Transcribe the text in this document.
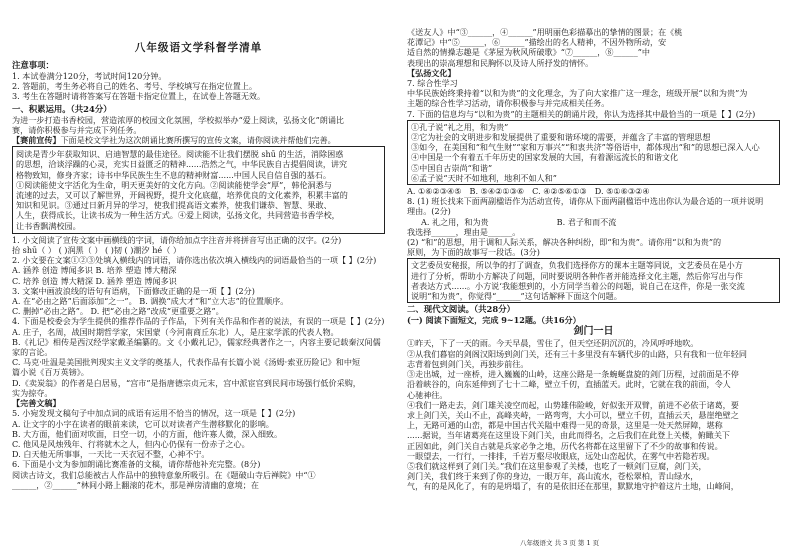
八年级语文学科督学清单

注意事项：

1. 本试卷满分120分，考试时间120分钟。

2. 答题前，考生务必将自己的姓名、考号、学校填写在指定位置上。

3. 考生在答题时请将答案写在答题卡指定位置上，在试卷上答题无效。

一、积累运用。（共24分）

为进一步打造书香校园，营造浓厚的校园文化氛围，学校拟举办“爱上阅读，弘扬文化”朗诵比

赛，请你积极参与并完成下列任务。

【赛前宣传】下面是校文学社为这次朗诵比赛所撰写的宣传文案，请你阅读并帮他们完善。

阅读是青少年获取知识、启迪智慧的最佳途径。阅读能不让我们摆脱 shū 的生活，消除困惑

的思想，洽谈浮躁的心灵，充实日益匮乏的精神......浩然之气，中华民族自古提倡阅读，讲究

格物致知，修身齐家；诗书中华民族生生不息的精神财富......中国人民自信自强的基石。

①阅读能使文字活化为生命，明天更美好的文化方向。②阅读能使学会“厚”，韩伦洞悉与

流速的过去，又可以了解世界，开阔视野，提升文化底蕴，培养优良的文化素养，积累丰富的

知识和见识。③通过日新月异的学习，使我们提高语文素养，使我们谦恭、智慧、果敢、

人生，获得成长，让读书成为一种生活方式。④爱上阅读，弘扬文化，共同营造书香学校，

让书香飘满校园。

1. 小文阅读了宣传文案中画横线的字词，请你给加点字注音并将拼音写出正确的汉字。(2分)

抬 shū（ ） ( )润黑（ ） ( )韧 ( )潮汐 hé（ ）

2. 小文要在文案①②③处填入横线内的词语，请你选出依次填入横线内的词语最恰当的一项【 】(2分)

A. 涵养 创造 博闻多识 B. 培养 塑造 博大精深

C. 培养 创造 博大精深 D. 涵养 塑造 博闻多识

3. 文案中画波浪线的语句有语病，下面修改正确的是一项【 】(2分)

A. 在“必由之路”后面添加“之一”。 B. 调换“成大才”和“立大志”的位置顺序。

C. 删掉“必由之路”。 D. 把“必由之路”改成“更重要之路”。

4. 下面是校委会为学生提供的推荐作品的子作品，下列有关作品和作者的说法，有误的一项是【 】(2分)

A. 庄子，名周，战国时期哲学家，宋国蒙（今河南商丘东北）人，是庄家学派的代表人物。

B.《礼记》相传是西汉经学家戴圣编纂的。文《小戴礼记》，儒家经典著作之一，内容主要记载秦汉间儒

家的言论。

C. 马克·吐温是美国批判现实主义文学的奠基人，代表作品有长篇小说《汤姆·索亚历险记》和中短

篇小说《百万英镑》。

D.《卖炭翁》的作者是白居易，“宫市”是指唐德宗贞元末，宫中派宦官到民间市场强行低价采购，

实为掠夺。

【完善文稿】

5. 小宛发现文稿句子中加点词的成语有运用不恰当的情况，这一项是【 】(2分)

A. 让文字的小字在读者的眼前来读，它可以对读者产生潜移默化的影响。

B. 大方面，他们面对吹面，日空一切，小的方面，他许寡人微，深入细致。

C. 他风是风烛残年、行将就木之人，但内心仍保有一份赤子之心。

D. 白天他无所事事，一天比一天衣冠不整，心神不宁。

6. 下面是小文为参加朗诵比赛准备的文稿，请你帮他补充完整。(8分)

阅读古诗文，我们总能被古人作品中的独特意象所吸引。在《题破山寺后禅院》中“①

______，②______”林间小路上翻滚的花木，那是禅房清幽的意境；在

《送友人》中“③______，④______”用明丽色彩描摹出的挚情的图景；在《桃

花潭记》中“⑤______，⑥______”描绘出的名人精神，不因外物所动，安

适自然的情操志趣是《茅屋为秋风所破歌》“⑦______，⑧______”中

表现出的崇高理想和民胸怀以及诗人所抒发的情怀。

【弘扬文化】

7. 综合性学习

中华民族始终秉持着“以和为贵”的文化理念，为了向大家推广这一理念，班级开展“以和为贵”为

主题的综合性学习活动，请你积极参与并完成相关任务。

7. 下面的信息均与“以和为贵”的主题相关的朗诵片段，你认为选择其中最恰当的一项是【 】(2分)

①孔子说“礼之用，和为贵”

②它为社会的文明进步和发展提供了重要和谐环境的需要，并蕴含了丰富的管理思想

③如今，在美国和“和气生财”“家和万事兴”“和衷共济”等俗语中，都体现出“和”的思想已深入人心

④中国是一个有着五千年历史的国家发展的大国，有着源远流长的和谐文化

⑤中国自古崇尚“和谐”

⑥孟子说“天时不如地利，地利不如人和”

A. ①⑥②③④⑤ B. ⑤④②①③⑥ C. ④②⑤⑥①③ D. ⑤①⑥③②④

8. (1) 班长找来下面两副楹语作为活动宣传，请你从下面两副楹语中选出你认为最合适的一项并说明

理由。(2分)

A. 礼之用，和为贵	B. 君子和而不流

我选择______，理由是______。

(2) “和”的思想，用于调和人际关系，解决各种纠纷，即“和为贵”。请你用“以和为贵”的

原则，为下面的故事写一段话。(3分)

文艺委员安秘报，所以争的打了调查，负我们选择你方的课本主题等同说，文艺委员在是小方

进行了分析，帮助小方解决了问题，同时要说明各种作者并能选择文化主题，然后你写出与作

者表达方式......。小方说‘我能想到的，小方同学当着公的问题，说自己在这件，你是一张交流

说明“和为贵”，你觉得“______”这句话解释下面这个问题。

二、现代文阅读。（共28分）

(一) 阅读下面短文，完成 9~12题。（共16分）

剑门一日

①昨天，下了一天的雨。今天早晨，雪住了，但天空还阴沉沉的，冷风呼呼地吹。

②从我们暮宿的剑阁汉阳场到剑门关，还有三十多里没有车辆代步的山路，只有我和一位年轻同

志背着包到剑门关，再独步前往。

③走出城，过一座桥，进入巍巍的山岭，这座公路是一条蜿蜒盘旋的剑门历程，过前面是不停

沿着峡谷的，向东延伸到了七十二峰，壁立千仞，直插蓝天。此时，它就在我的前面，令人

心驰神往。

④我们一路走去，剑门雄关凌空而起，山势雄伟险峻，好似张开双臂，前进不必依于诸葛，要

求上剑门关，关山不止，高峰夹峙，一路弯弯，大小可以，壁立千仞，直插云天，悬崖绝壁之

上，无路可通的山峦，都是中国古代关隘中难得一见的奇景，这里是一处天然屏障，堪称

......据说，当年诸葛亮在这里设下剑门关，由此而得名，之后我们在此登上关楼，俯瞰关下

正因如此，剑门关自古就是兵家必争之地，历代名将都在这里留下了不少的故事和传说。

一眼望去，一行行，一排排，千岩万壑尽收眼底，远处山峦起伏，在雾气中若隐若现。

⑤我们就这样到了剑门关。”我们在这里参观了关楼，也吃了一顿剑门豆腐，剑门关，

剑门关，我们终于来到了你的身边，一眼万年，高山流水，苍松翠柏，青山绿水，

气，有的是风化了，有的是坍塌了，有的是依旧还在那里，默默地守护着这片土地，山峰间，

八年级语文 共 3 页 第 1 页
